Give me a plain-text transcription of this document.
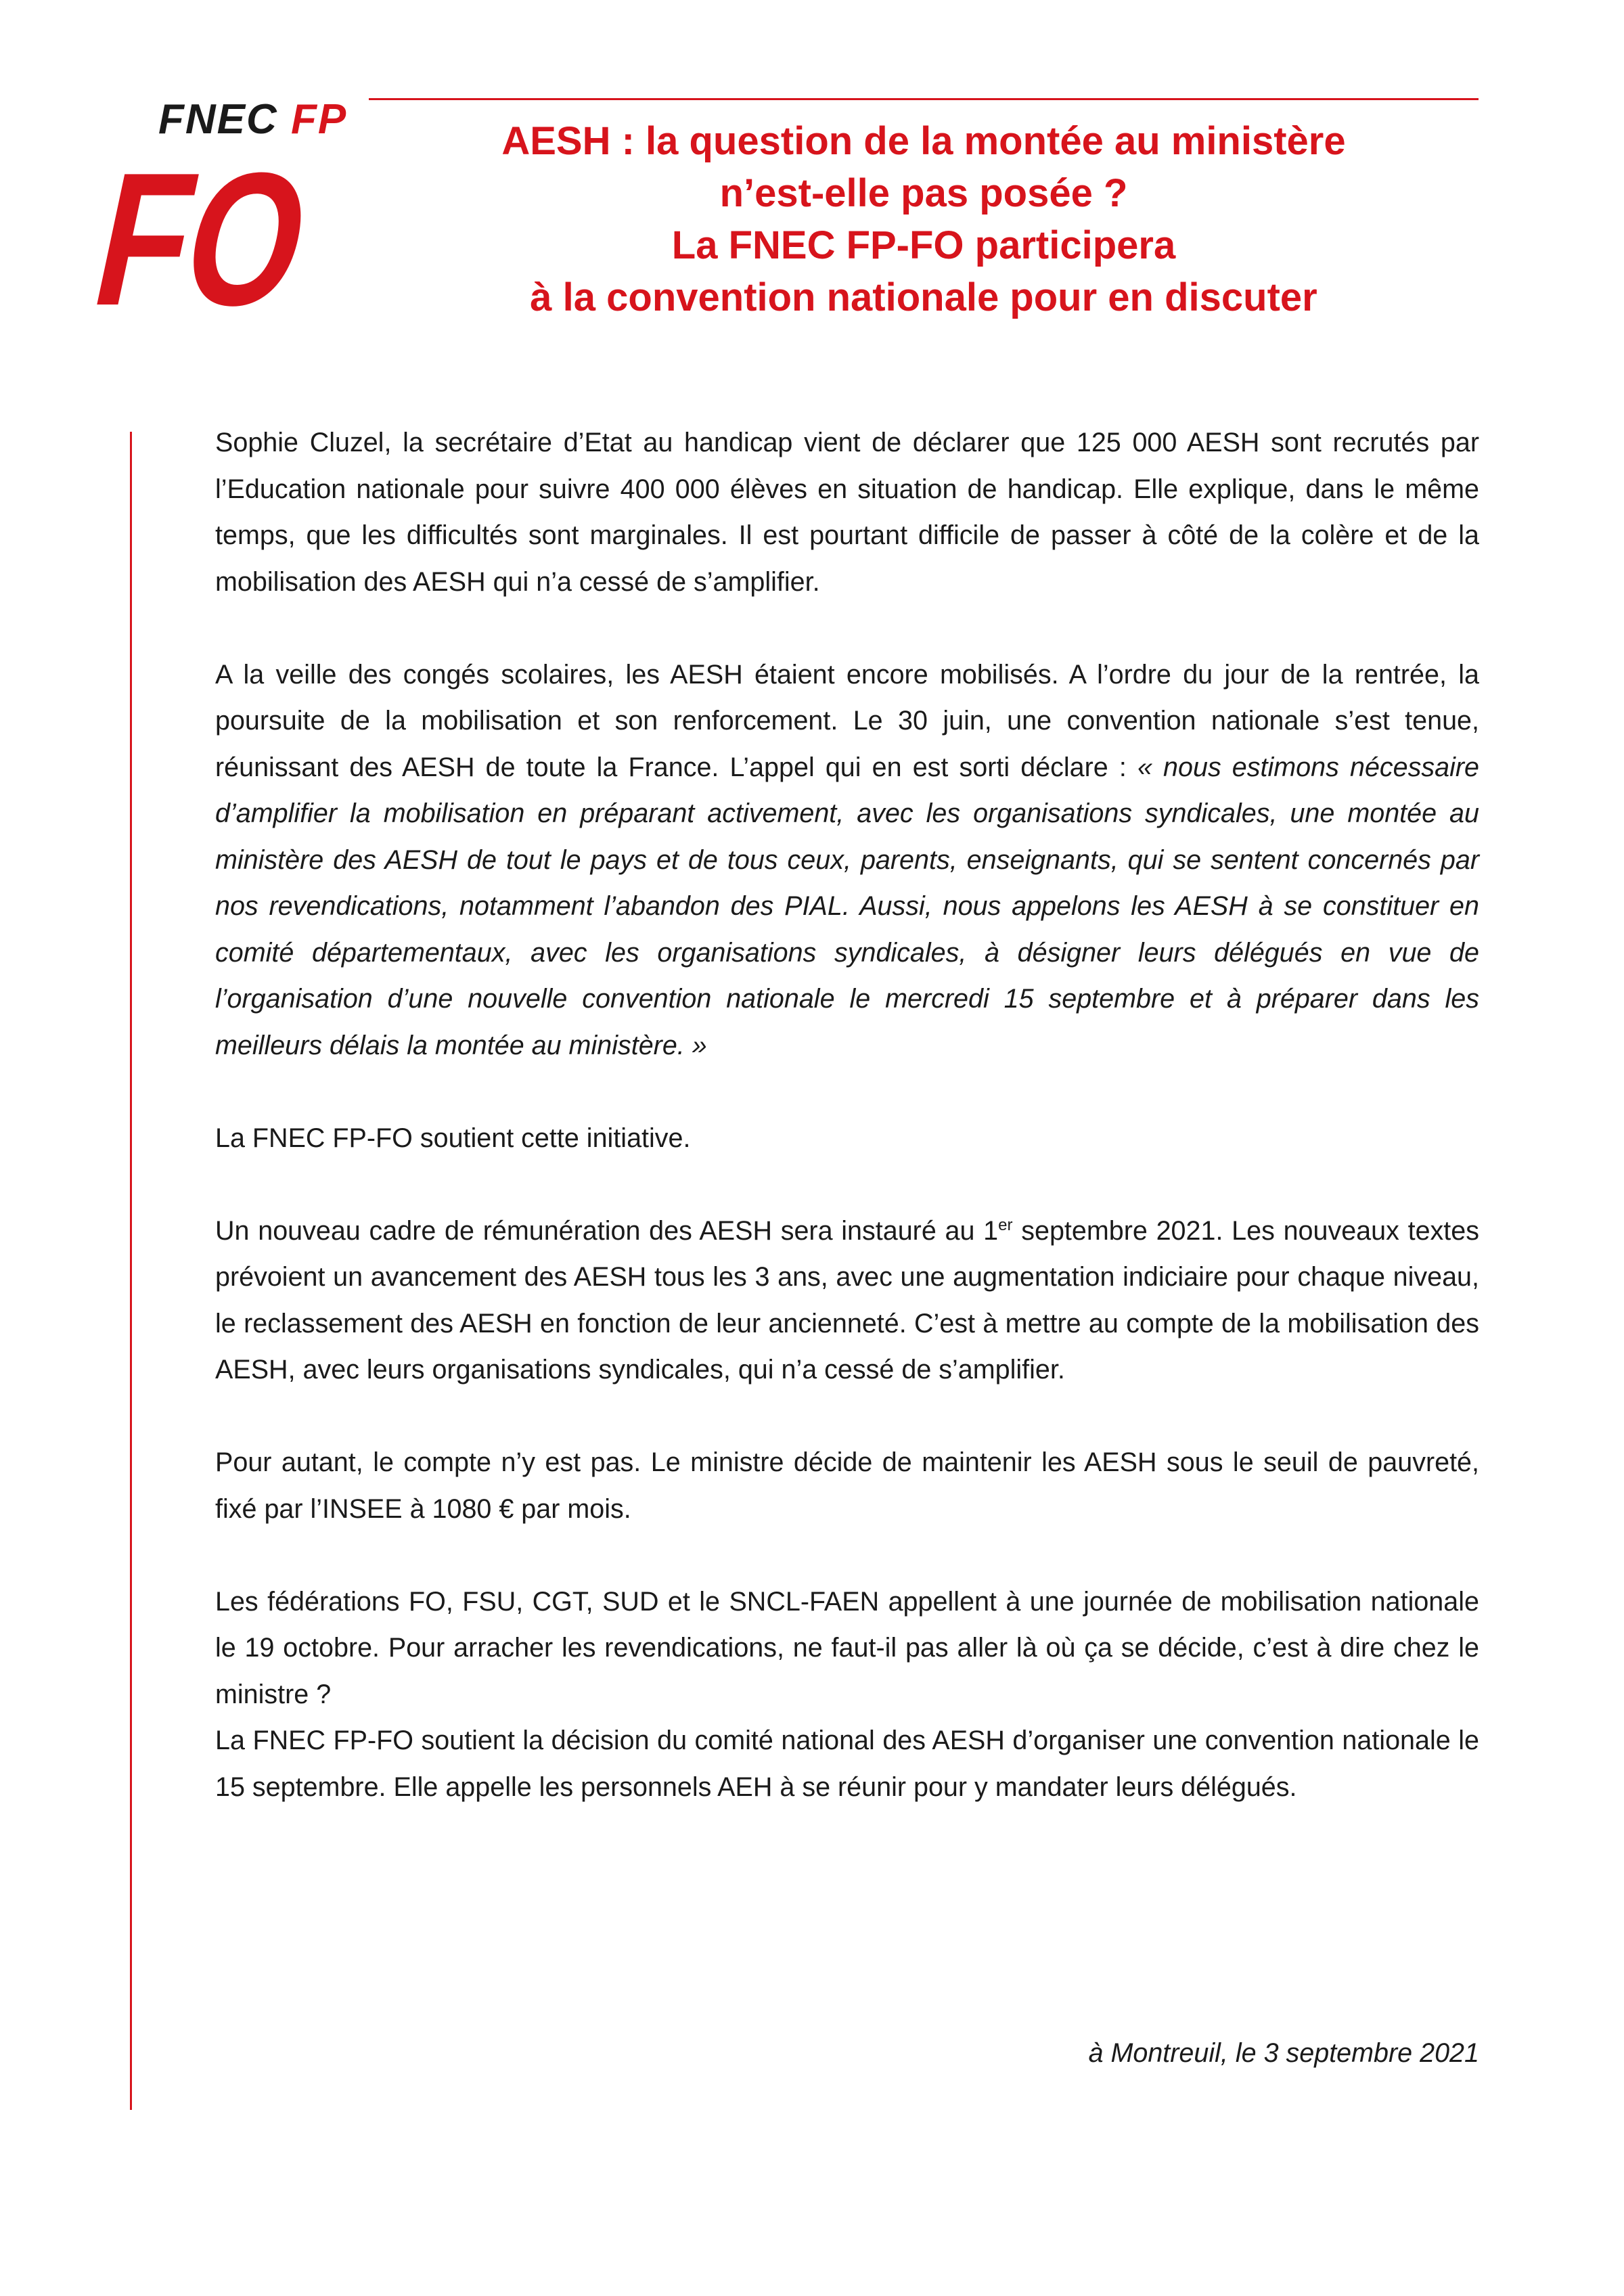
FNEC FP
FO	AESH : la question de la montée au ministère
n’est-elle pas posée ?
La FNEC FP-FO participera
à la convention nationale pour en discuter

Sophie Cluzel, la secrétaire d’Etat au handicap vient de déclarer que 125 000 AESH sont recrutés par l’Education nationale pour suivre 400 000 élèves en situation de handicap. Elle explique, dans le même temps, que les difficultés sont marginales. Il est pourtant difficile de passer à côté de la colère et de la mobilisation des AESH qui n’a cessé de s’amplifier.

A la veille des congés scolaires, les AESH étaient encore mobilisés. A l’ordre du jour de la rentrée, la poursuite de la mobilisation et son renforcement. Le 30 juin, une convention nationale s’est tenue, réunissant des AESH de toute la France. L’appel qui en est sorti déclare : « nous estimons nécessaire d’amplifier la mobilisation en préparant activement, avec les organisations syndicales, une montée au ministère des AESH de tout le pays et de tous ceux, parents, enseignants, qui se sentent concernés par nos revendications, notamment l’abandon des PIAL. Aussi, nous appelons les AESH à se constituer en comité départementaux, avec les organisations syndicales, à désigner leurs délégués en vue de l’organisation d’une nouvelle convention nationale le mercredi 15 septembre et à préparer dans les meilleurs délais la montée au ministère. »

La FNEC FP-FO soutient cette initiative.

Un nouveau cadre de rémunération des AESH sera instauré au 1er septembre 2021. Les nouveaux textes prévoient un avancement des AESH tous les 3 ans, avec une augmentation indiciaire pour chaque niveau, le reclassement des AESH en fonction de leur ancienneté. C’est à mettre au compte de la mobilisation des AESH, avec leurs organisations syndicales, qui n’a cessé de s’amplifier.

Pour autant, le compte n’y est pas. Le ministre décide de maintenir les AESH sous le seuil de pauvreté, fixé par l’INSEE à 1080 € par mois.

Les fédérations FO, FSU, CGT, SUD et le SNCL-FAEN appellent à une journée de mobilisation nationale le 19 octobre. Pour arracher les revendications, ne faut-il pas aller là où ça se décide, c’est à dire chez le ministre ?

La FNEC FP-FO soutient la décision du comité national des AESH d’organiser une convention nationale le 15 septembre. Elle appelle les personnels AEH à se réunir pour y mandater leurs délégués.

à Montreuil, le 3 septembre 2021
